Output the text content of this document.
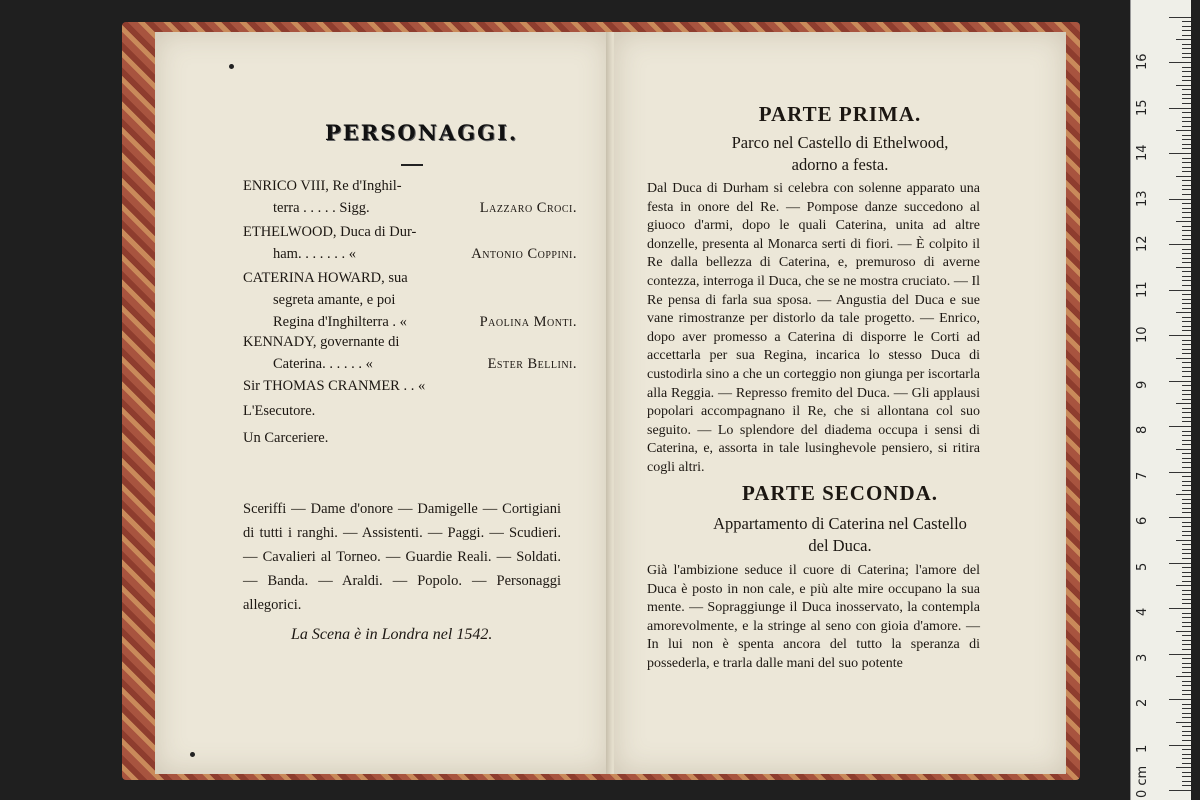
PERSONAGGI.
ENRICO VIII, Re d'Inghil-
terra . . . . . Sigg.	Lazzaro Croci.
ETHELWOOD, Duca di Dur-
ham. . . . . . . «	Antonio Coppini.
CATERINA HOWARD, sua
segreta amante, e poi
Regina d'Inghilterra . «	Paolina Monti.
KENNADY, governante di
Caterina. . . . . . «	Ester Bellini.
Sir THOMAS CRANMER . . «
L'Esecutore.
Un Carceriere.
Sceriffi — Dame d'onore — Damigelle — Cortigiani di tutti i ranghi. — Assistenti. — Paggi. — Scudieri. — Cavalieri al Torneo. — Guardie Reali. — Soldati. — Banda. — Araldi. — Popolo. — Personaggi allegorici.
La Scena è in Londra nel 1542.
PARTE PRIMA.
Parco nel Castello di Ethelwood,
adorno a festa.
Dal Duca di Durham si celebra con solenne apparato una festa in onore del Re. — Pompose danze succedono al giuoco d'armi, dopo le quali Caterina, unita ad altre donzelle, presenta al Monarca serti di fiori. — È colpito il Re dalla bellezza di Caterina, e, premuroso di averne contezza, interroga il Duca, che se ne mostra cruciato. — Il Re pensa di farla sua sposa. — Angustia del Duca e sue vane rimostranze per distorlo da tale progetto. — Enrico, dopo aver promesso a Caterina di disporre le Corti ad accettarla per sua Regina, incarica lo stesso Duca di custodirla sino a che un corteggio non giunga per iscortarla alla Reggia. — Represso fremito del Duca. — Gli applausi popolari accompagnano il Re, che si allontana col suo seguito. — Lo splendore del diadema occupa i sensi di Caterina, e, assorta in tale lusinghevole pensiero, si ritira cogli altri.
PARTE SECONDA.
Appartamento di Caterina nel Castello
del Duca.
Già l'ambizione seduce il cuore di Caterina; l'amore del Duca è posto in non cale, e più alte mire occupano la sua mente. — Sopraggiunge il Duca inosservato, la contempla amorevolmente, e la stringe al seno con gioia d'amore. — In lui non è spenta ancora del tutto la speranza di possederla, e trarla dalle mani del suo potente
0 cm
1
2
3
4
5
6
7
8
9
10
11
12
13
14
15
16
